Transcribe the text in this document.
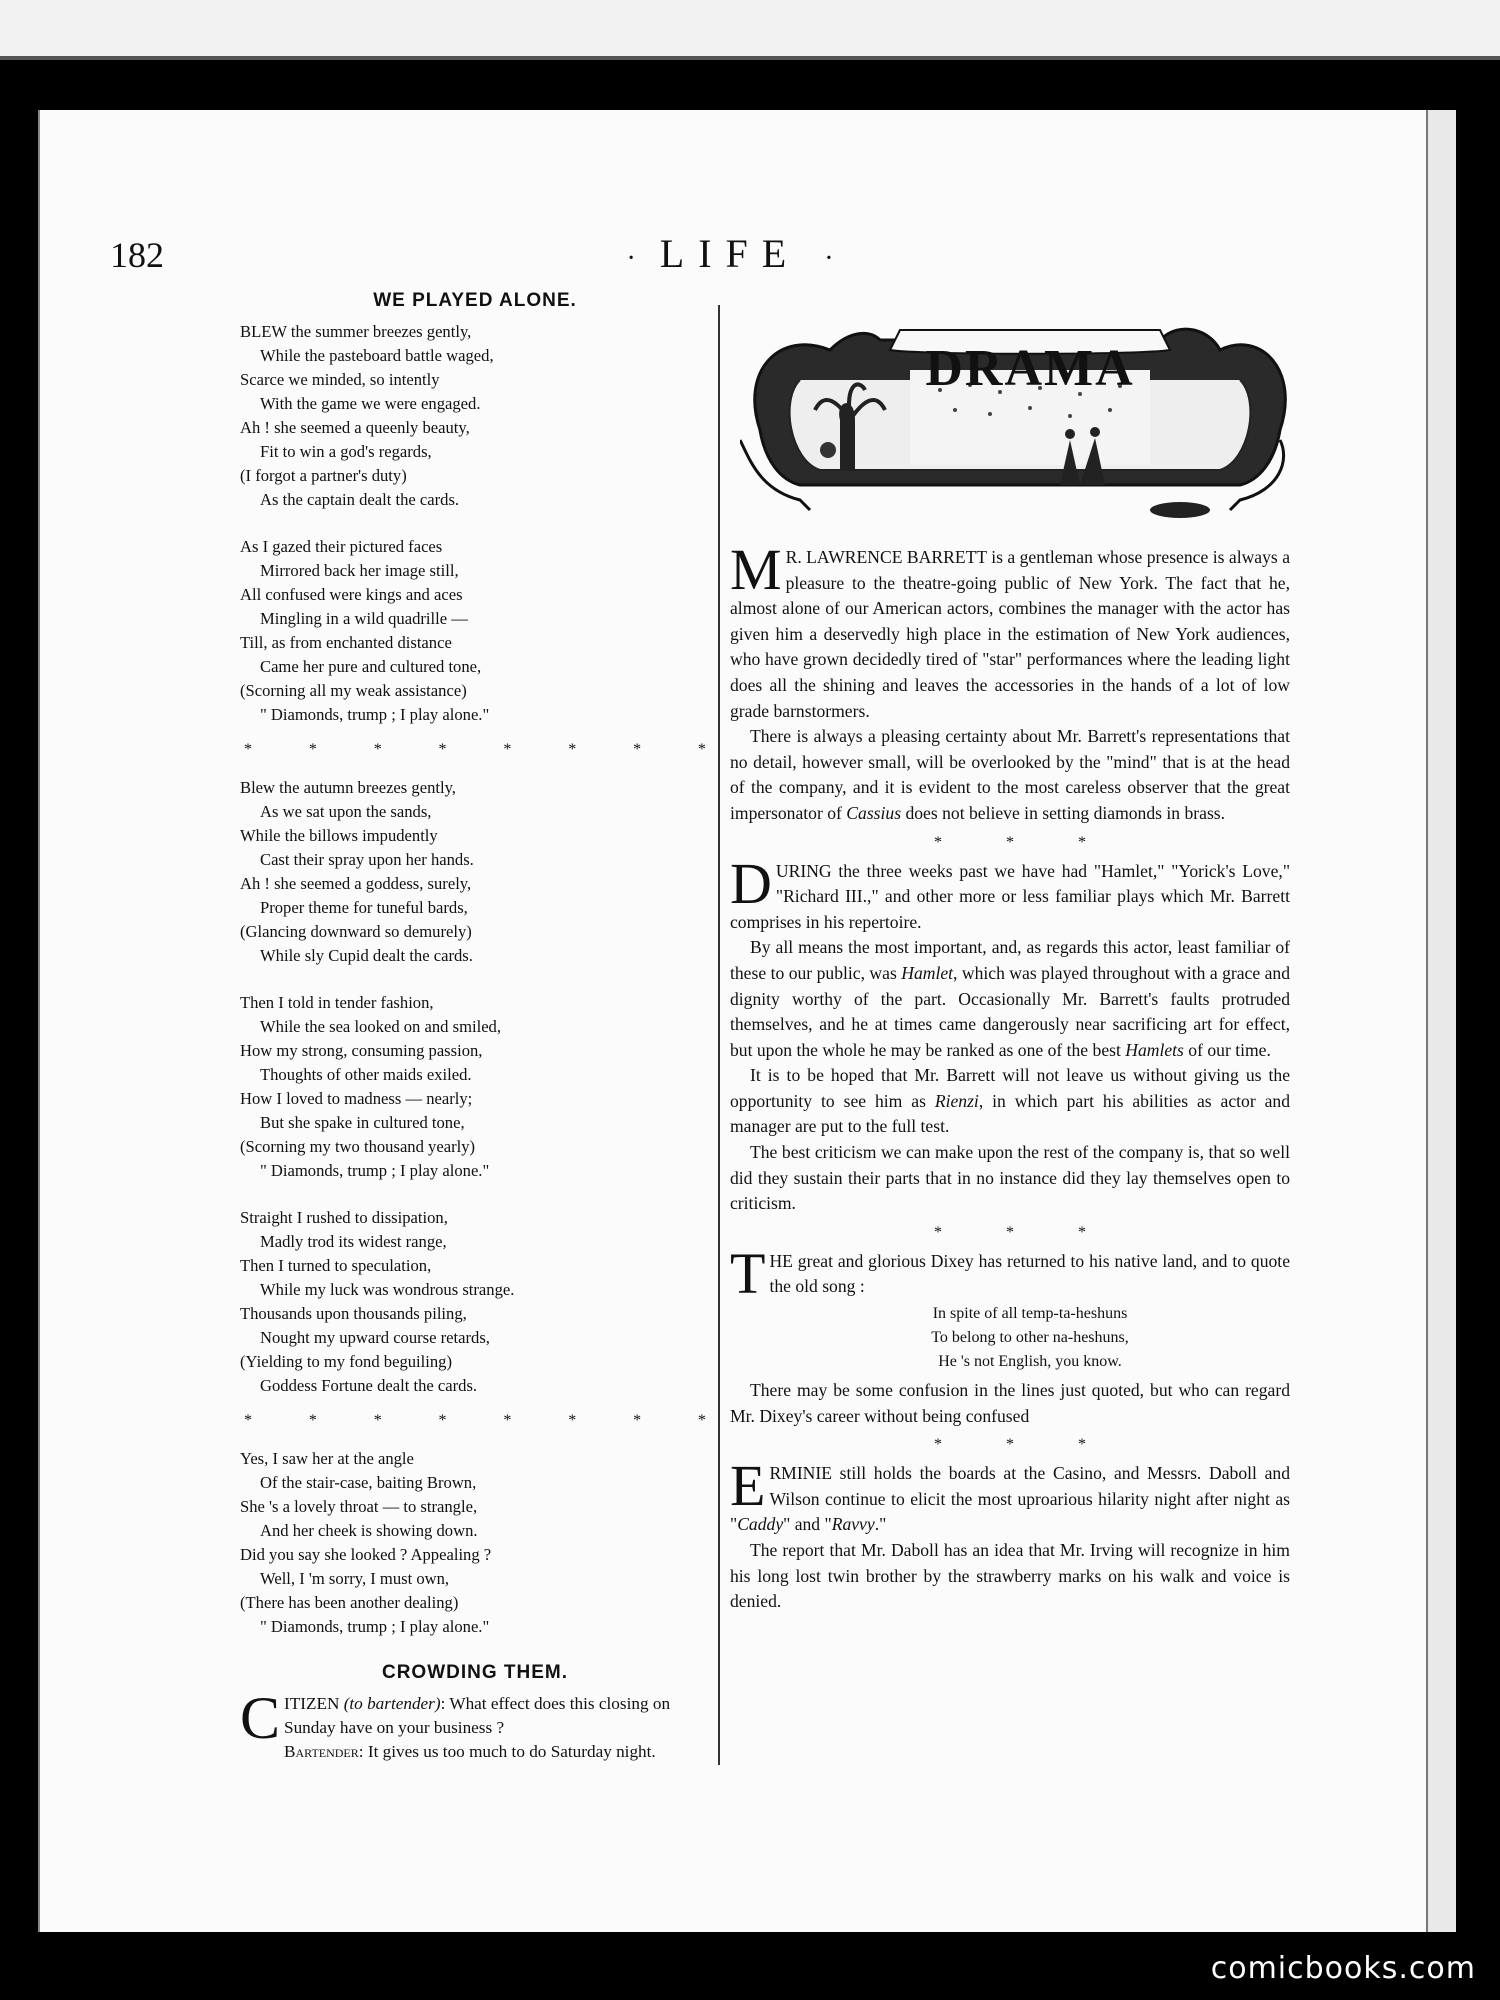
182	· LIFE ·
WE PLAYED ALONE.
BLEW the summer breezes gently,
While the pasteboard battle waged,
Scarce we minded, so intently
With the game we were engaged.
Ah ! she seemed a queenly beauty,
Fit to win a god's regards,
(I forgot a partner's duty)
As the captain dealt the cards.
As I gazed their pictured faces
Mirrored back her image still,
All confused were kings and aces
Mingling in a wild quadrille —
Till, as from enchanted distance
Came her pure and cultured tone,
(Scorning all my weak assistance)
" Diamonds, trump ; I play alone."
*	*	*	*	*	*	*	*
Blew the autumn breezes gently,
As we sat upon the sands,
While the billows impudently
Cast their spray upon her hands.
Ah ! she seemed a goddess, surely,
Proper theme for tuneful bards,
(Glancing downward so demurely)
While sly Cupid dealt the cards.
Then I told in tender fashion,
While the sea looked on and smiled,
How my strong, consuming passion,
Thoughts of other maids exiled.
How I loved to madness — nearly;
But she spake in cultured tone,
(Scorning my two thousand yearly)
" Diamonds, trump ; I play alone."
Straight I rushed to dissipation,
Madly trod its widest range,
Then I turned to speculation,
While my luck was wondrous strange.
Thousands upon thousands piling,
Nought my upward course retards,
(Yielding to my fond beguiling)
Goddess Fortune dealt the cards.
*	*	*	*	*	*	*	*
Yes, I saw her at the angle
Of the stair-case, baiting Brown,
She 's a lovely throat — to strangle,
And her cheek is showing down.
Did you say she looked ? Appealing ?
Well, I 'm sorry, I must own,
(There has been another dealing)
" Diamonds, trump ; I play alone."
CROWDING THEM.
CITIZEN (to bartender): What effect does this closing on Sunday have on your business ?
Bartender: It gives us too much to do Saturday night.
DRAMA

M R. LAWRENCE BARRETT is a gentleman whose presence is always a pleasure to the theatre-going public of New York. The fact that he, almost alone of our American actors, combines the manager with the actor has given him a deservedly high place in the estimation of New York audiences, who have grown decidedly tired of "star" performances where the leading light does all the shining and leaves the accessories in the hands of a lot of low grade barnstormers.

There is always a pleasing certainty about Mr. Barrett's representations that no detail, however small, will be overlooked by the "mind" that is at the head of the company, and it is evident to the most careless observer that the great impersonator of Cassius does not believe in setting diamonds in brass.

* * *

DURING the three weeks past we have had "Hamlet," "Yorick's Love," "Richard III.," and other more or less familiar plays which Mr. Barrett comprises in his repertoire.

By all means the most important, and, as regards this actor, least familiar of these to our public, was Hamlet, which was played throughout with a grace and dignity worthy of the part. Occasionally Mr. Barrett's faults protruded themselves, and he at times came dangerously near sacrificing art for effect, but upon the whole he may be ranked as one of the best Hamlets of our time.

It is to be hoped that Mr. Barrett will not leave us without giving us the opportunity to see him as Rienzi, in which part his abilities as actor and manager are put to the full test.

The best criticism we can make upon the rest of the company is, that so well did they sustain their parts that in no instance did they lay themselves open to criticism.

* * *

THE great and glorious Dixey has returned to his native land, and to quote the old song :

In spite of all temp-ta-heshuns
To belong to other na-heshuns,
He 's not English, you know.

There may be some confusion in the lines just quoted, but who can regard Mr. Dixey's career without being confused

* * *

ERMINIE still holds the boards at the Casino, and Messrs. Daboll and Wilson continue to elicit the most uproarious hilarity night after night as "Caddy" and "Ravvy."

The report that Mr. Daboll has an idea that Mr. Irving will recognize in him his long lost twin brother by the strawberry marks on his walk and voice is denied.

comicbooks.com
